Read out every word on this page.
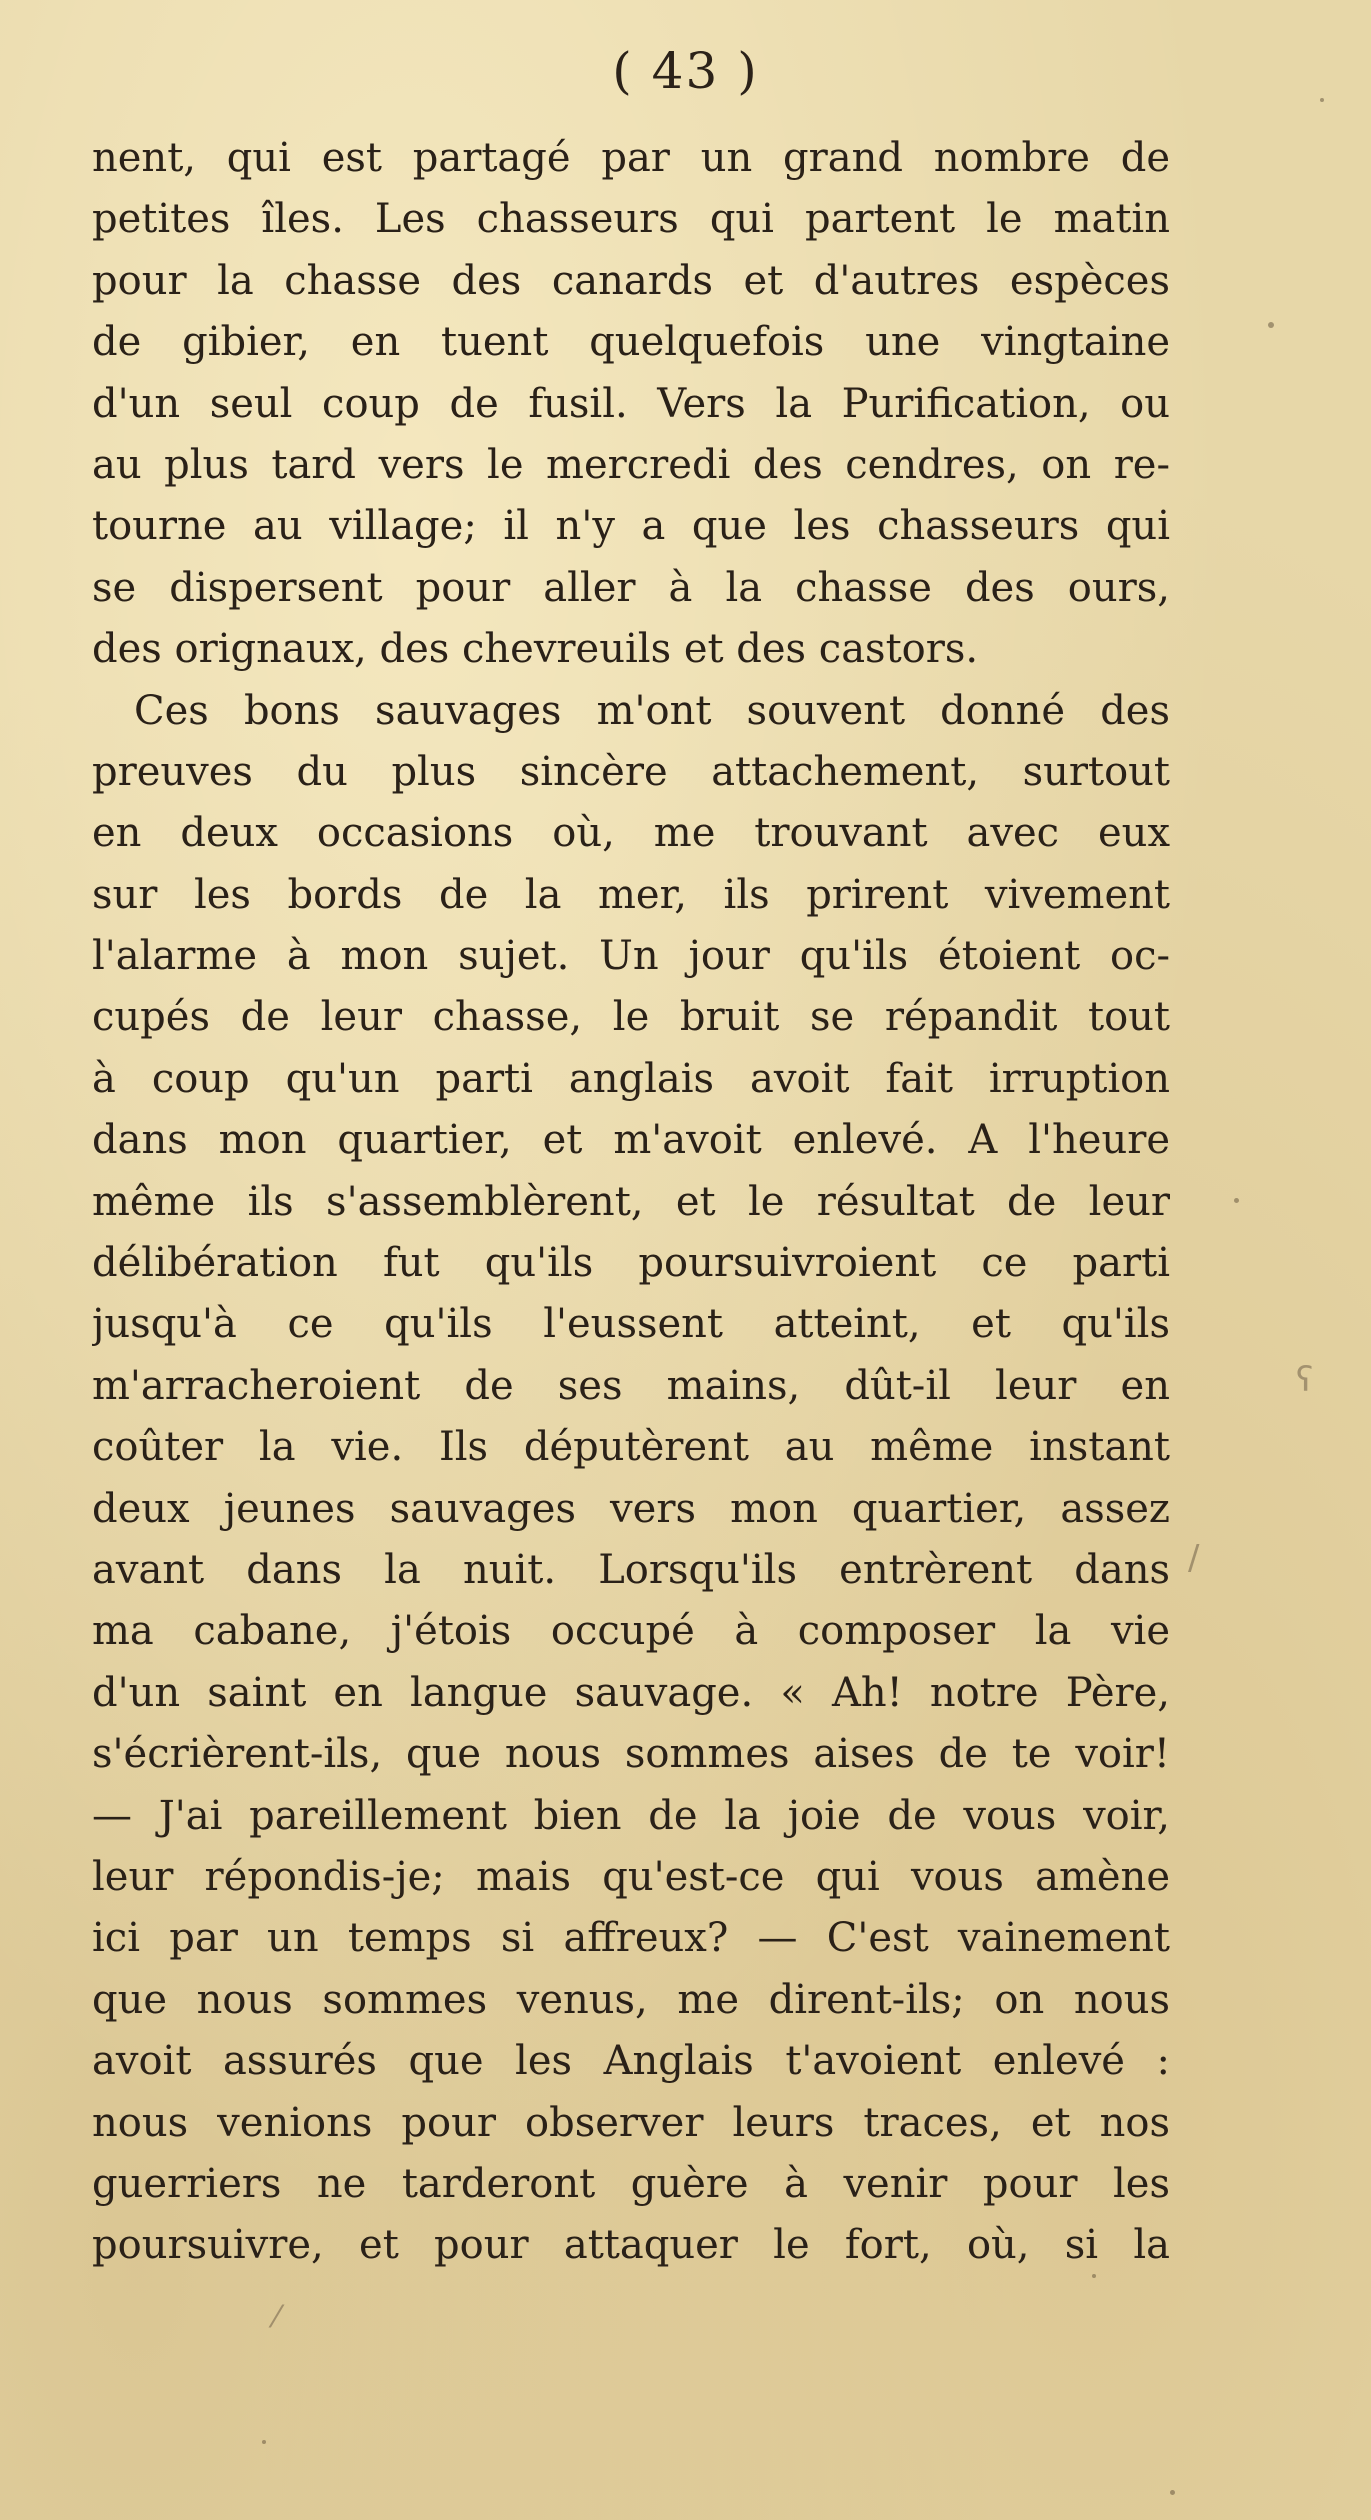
( 43 )
nent, qui est partagé par un grand nombre de
petites îles. Les chasseurs qui partent le matin
pour la chasse des canards et d'autres espèces
de gibier, en tuent quelquefois une vingtaine
d'un seul coup de fusil. Vers la Purification, ou
au plus tard vers le mercredi des cendres, on re-
tourne au village; il n'y a que les chasseurs qui
se dispersent pour aller à la chasse des ours,
des orignaux, des chevreuils et des castors.
Ces bons sauvages m'ont souvent donné des
preuves du plus sincère attachement, surtout
en deux occasions où, me trouvant avec eux
sur les bords de la mer, ils prirent vivement
l'alarme à mon sujet. Un jour qu'ils étoient oc-
cupés de leur chasse, le bruit se répandit tout
à coup qu'un parti anglais avoit fait irruption
dans mon quartier, et m'avoit enlevé. A l'heure
même ils s'assemblèrent, et le résultat de leur
délibération fut qu'ils poursuivroient ce parti
jusqu'à ce qu'ils l'eussent atteint, et qu'ils
m'arracheroient de ses mains, dût-il leur en
coûter la vie. Ils députèrent au même instant
deux jeunes sauvages vers mon quartier, assez
avant dans la nuit. Lorsqu'ils entrèrent dans
ma cabane, j'étois occupé à composer la vie
d'un saint en langue sauvage. « Ah! notre Père,
s'écrièrent-ils, que nous sommes aises de te voir!
— J'ai pareillement bien de la joie de vous voir,
leur répondis-je; mais qu'est-ce qui vous amène
ici par un temps si affreux? — C'est vainement
que nous sommes venus, me dirent-ils; on nous
avoit assurés que les Anglais t'avoient enlevé :
nous venions pour observer leurs traces, et nos
guerriers ne tarderont guère à venir pour les
poursuivre, et pour attaquer le fort, où, si la
ʕ
/
⁄
